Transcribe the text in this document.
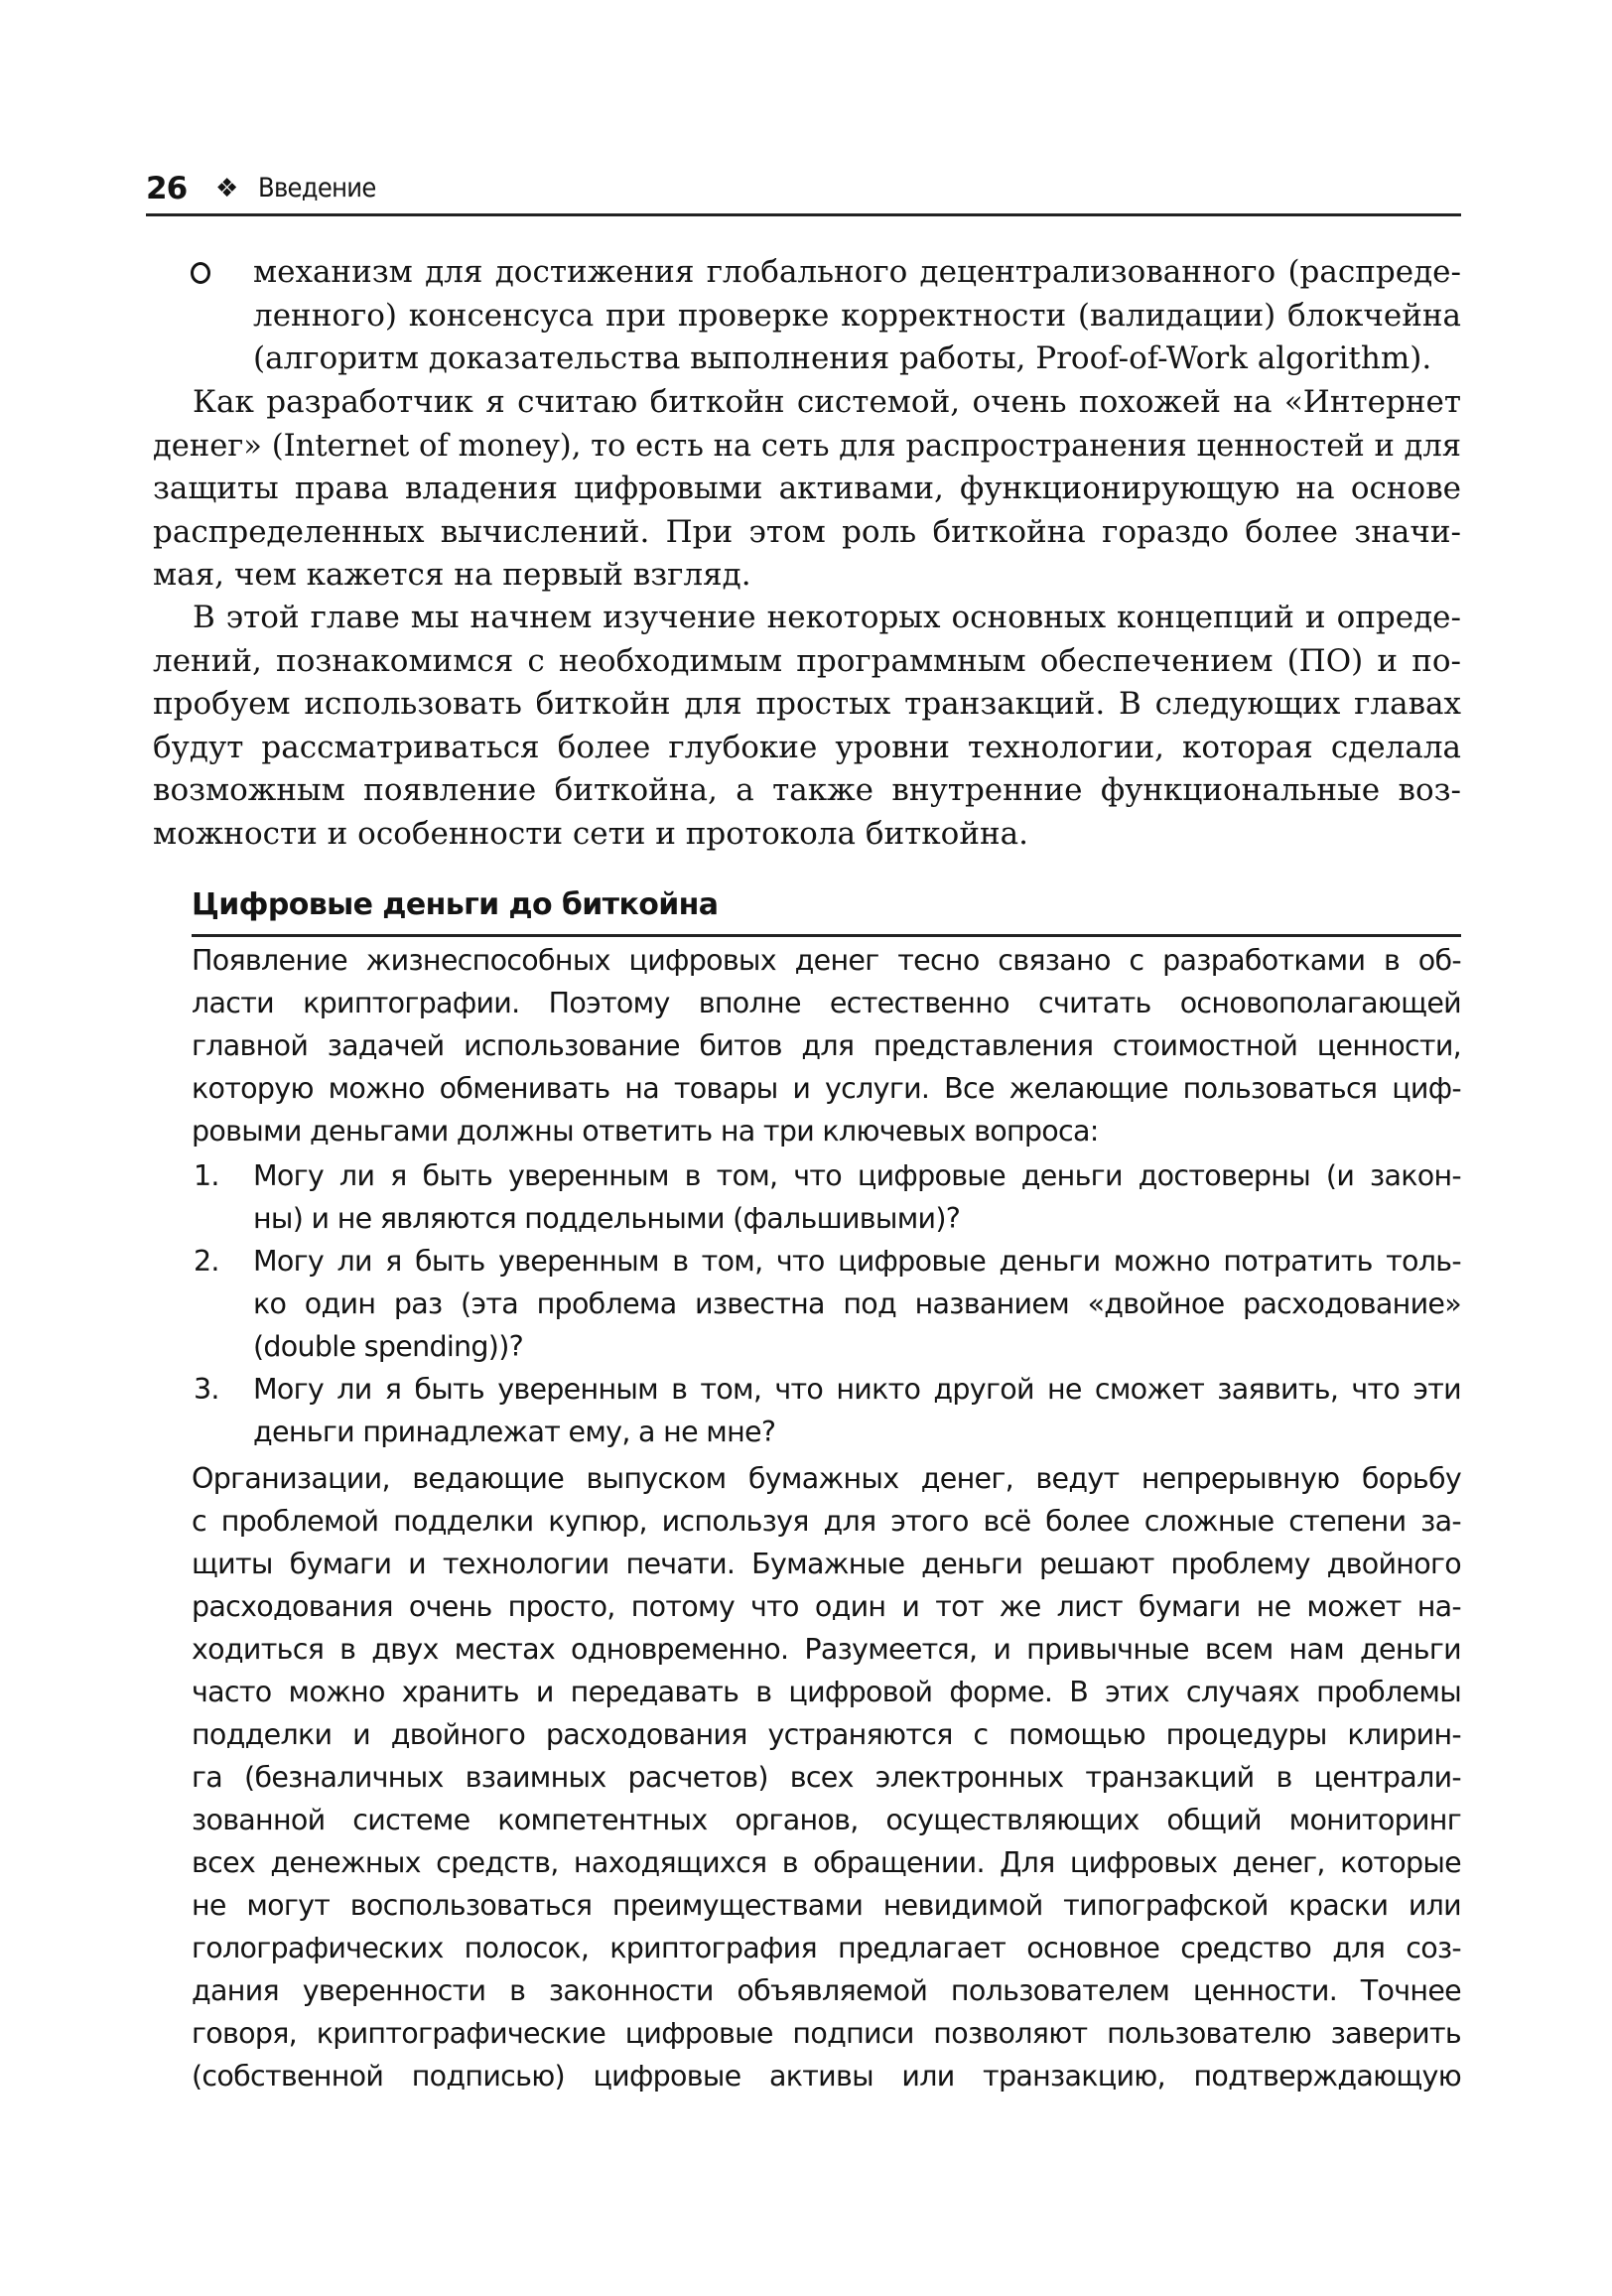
26 ❖ Введение
механизм для достижения глобального децентрализованного (распреде-
ленного) консенсуса при проверке корректности (валидации) блокчейна
(алгоритм доказательства выполнения работы, Proof-of-Work algorithm).
Как разработчик я считаю биткойн системой, очень похожей на «Интернет
денег» (Internet of money), то есть на сеть для распространения ценностей и для
защиты права владения цифровыми активами, функционирующую на основе
распределенных вычислений. При этом роль биткойна гораздо более значи-
мая, чем кажется на первый взгляд.
В этой главе мы начнем изучение некоторых основных концепций и опреде-
лений, познакомимся с необходимым программным обеспечением (ПО) и по-
пробуем использовать биткойн для простых транзакций. В следующих главах
будут рассматриваться более глубокие уровни технологии, которая сделала
возможным появление биткойна, а также внутренние функциональные воз-
можности и особенности сети и протокола биткойна.
Цифровые деньги до биткойна
Появление жизнеспособных цифровых денег тесно связано с разработками в об-
ласти криптографии. Поэтому вполне естественно считать основополагающей
главной задачей использование битов для представления стоимостной ценности,
которую можно обменивать на товары и услуги. Все желающие пользоваться циф-
ровыми деньгами должны ответить на три ключевых вопроса:
1. Могу ли я быть уверенным в том, что цифровые деньги достоверны (и закон-
ны) и не являются поддельными (фальшивыми)?
2. Могу ли я быть уверенным в том, что цифровые деньги можно потратить толь-
ко один раз (эта проблема известна под названием «двойное расходование»
(double spending))?
3. Могу ли я быть уверенным в том, что никто другой не сможет заявить, что эти
деньги принадлежат ему, а не мне?
Организации, ведающие выпуском бумажных денег, ведут непрерывную борьбу
с проблемой подделки купюр, используя для этого всё более сложные степени за-
щиты бумаги и технологии печати. Бумажные деньги решают проблему двойного
расходования очень просто, потому что один и тот же лист бумаги не может на-
ходиться в двух местах одновременно. Разумеется, и привычные всем нам деньги
часто можно хранить и передавать в цифровой форме. В этих случаях проблемы
подделки и двойного расходования устраняются с помощью процедуры клирин-
га (безналичных взаимных расчетов) всех электронных транзакций в централи-
зованной системе компетентных органов, осуществляющих общий мониторинг
всех денежных средств, находящихся в обращении. Для цифровых денег, которые
не могут воспользоваться преимуществами невидимой типографской краски или
голографических полосок, криптография предлагает основное средство для соз-
дания уверенности в законности объявляемой пользователем ценности. Точнее
говоря, криптографические цифровые подписи позволяют пользователю заверить
(собственной подписью) цифровые активы или транзакцию, подтверждающую
